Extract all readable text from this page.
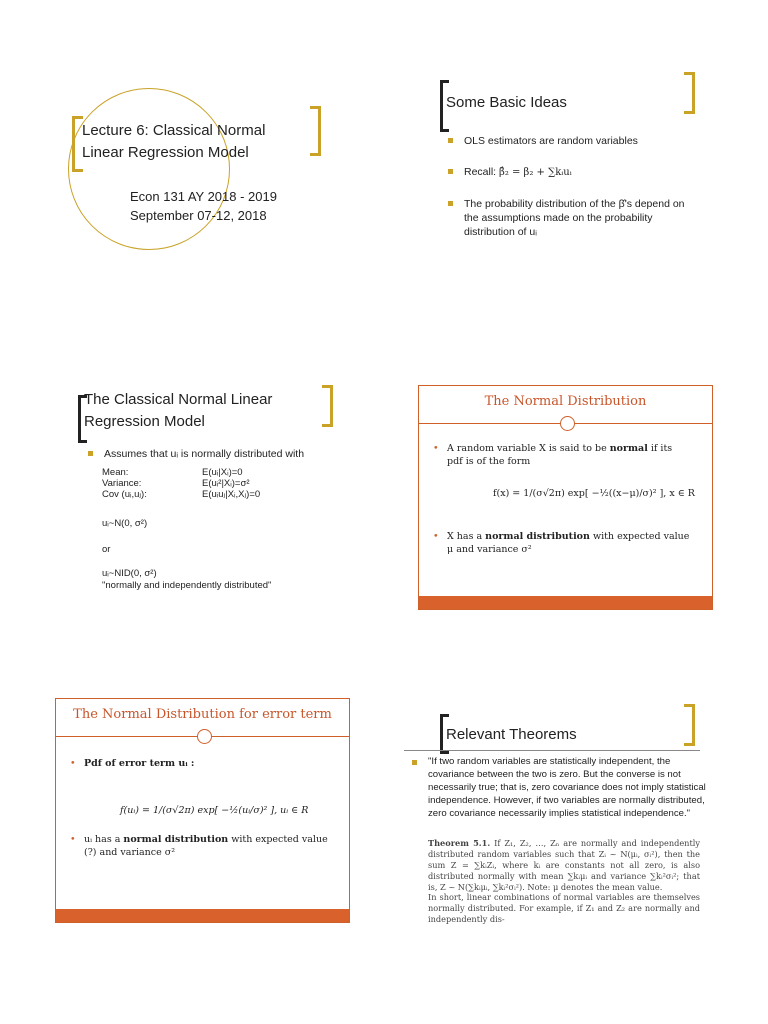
Lecture 6: Classical Normal Linear Regression Model
Econ 131 AY 2018 - 2019
September 07-12, 2018
Some Basic Ideas
OLS estimators are random variables
Recall: β̂₂ = β₂ + ∑kᵢuᵢ
The probability distribution of the β̂'s depend on the assumptions made on the probability distribution of uᵢ
The Classical Normal Linear Regression Model
Assumes that uᵢ is normally distributed with
Mean:	E(uᵢ|Xᵢ)=0
Variance:	E(uᵢ²|Xᵢ)=σ²
Cov (uᵢ,uⱼ):	E(uᵢuⱼ|Xᵢ,Xⱼ)=0
uᵢ~N(0, σ²)
or
uᵢ~NID(0, σ²)
"normally and independently distributed"
The Normal Distribution
• A random variable X is said to be normal if its pdf is of the form
f(x) = 1/(σ√2π) exp[ −½((x−μ)/σ)² ], x ∈ R
• X has a normal distribution with expected value μ and variance σ²
The Normal Distribution for error term
• Pdf of error term uᵢ :
f(uᵢ) = 1/(σ√2π) exp[ −½(uᵢ/σ)² ], uᵢ ∈ R
• uᵢ has a normal distribution with expected value (?) and variance σ²
Relevant Theorems
"If two random variables are statistically independent, the covariance between the two is zero. But the converse is not necessarily true; that is, zero covariance does not imply statistical independence. However, if two variables are normally distributed, zero covariance necessarily implies statistical independence."
Theorem 5.1. If Z₁, Z₂, …, Zₙ are normally and independently distributed random variables such that Zᵢ ~ N(μᵢ, σᵢ²), then the sum Z = ∑kᵢZᵢ, where kᵢ are constants not all zero, is also distributed normally with mean ∑kᵢμᵢ and variance ∑kᵢ²σᵢ²; that is, Z ~ N(∑kᵢμᵢ, ∑kᵢ²σᵢ²). Note: μ denotes the mean value.
In short, linear combinations of normal variables are themselves normally distributed. For example, if Z₁ and Z₂ are normally and independently dis-
